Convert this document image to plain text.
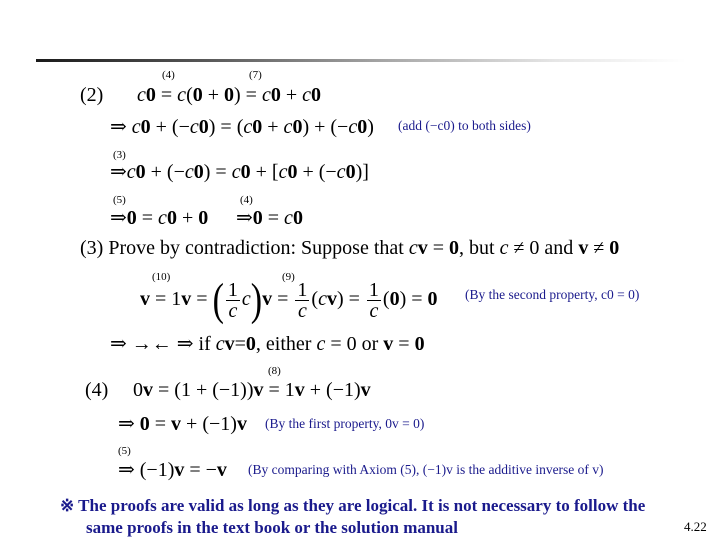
(4)	(7)
(2) c0 = c(0 + 0) = c0 + c0
⇒ c0 + (−c0) = (c0 + c0) + (−c0) (add (−c0) to both sides)
(3)
⇒c0 + (−c0) = c0 + [c0 + (−c0)]
(5)	(4)
⇒0 = c0 + 0 ⇒0 = c0
(3) Prove by contradiction: Suppose that cv = 0, but c ≠ 0 and v ≠ 0
(10)	(9)
v = 1v = ( $\frac{1}{c} c)v = \frac{1}{c} (cv) = \frac{1}{c} (0) = 0$ (By the second property, c0 = 0)
⇒ →← ⇒ if cv=0, either c = 0 or v = 0
(8)
(4) 0v = (1 + (−1))v = 1v + (−1)v
⇒ 0 = v + (−1)v (By the first property, 0v = 0)
(5)
⇒ (−1)v = −v (By comparing with Axiom (5), (−1)v is the additive inverse of v)
※ The proofs are valid as long as they are logical. It is not necessary to follow the
same proofs in the text book or the solution manual	4.22
